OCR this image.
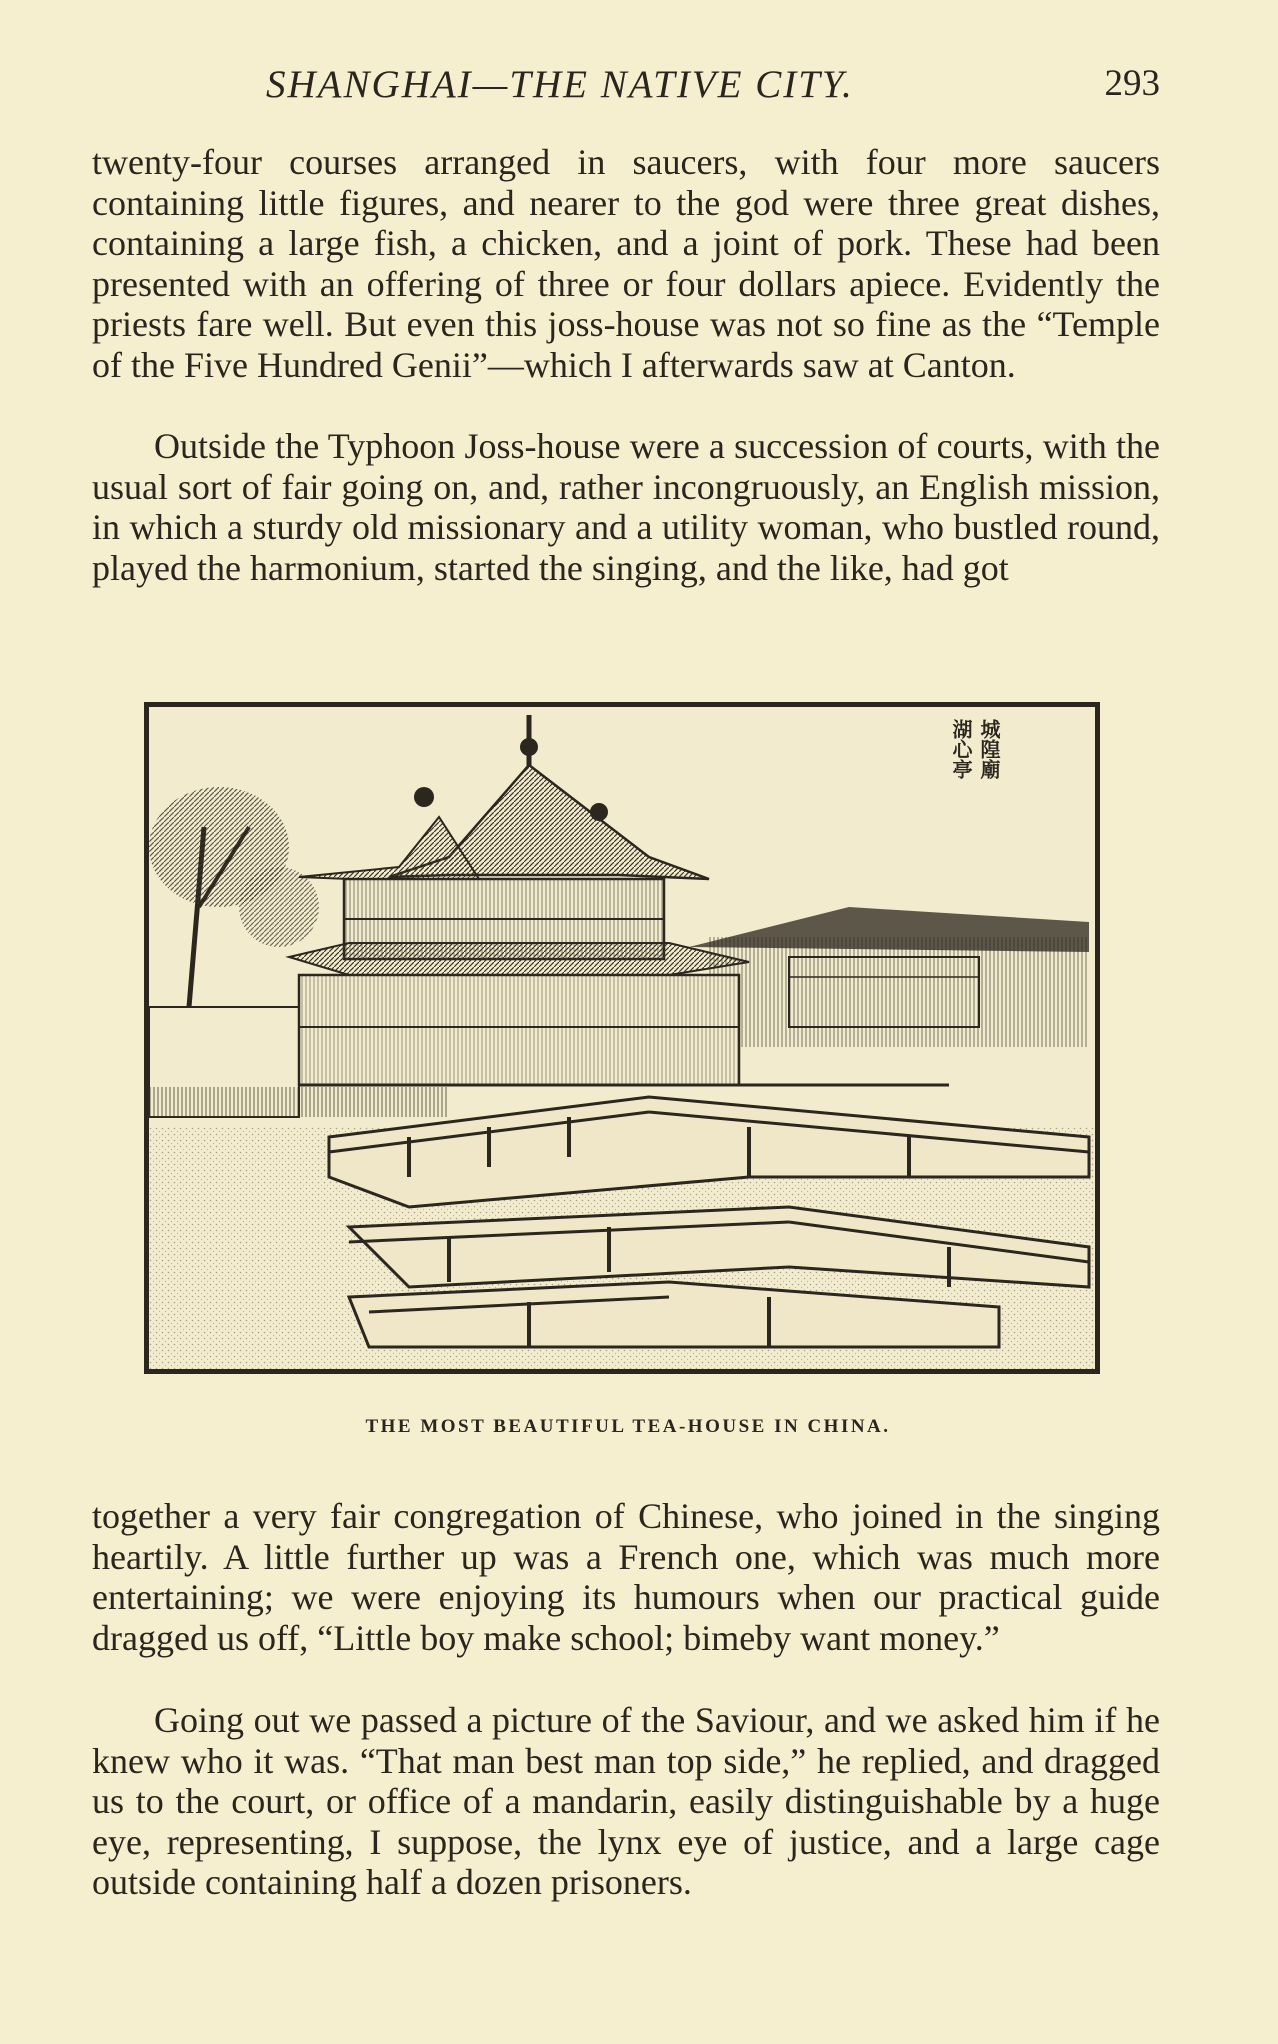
SHANGHAI—THE NATIVE CITY.	293

twenty-four courses arranged in saucers, with four more saucers containing little figures, and nearer to the god were three great dishes, containing a large fish, a chicken, and a joint of pork. These had been presented with an offering of three or four dollars apiece. Evidently the priests fare well. But even this joss-house was not so fine as the “Temple of the Five Hundred Genii”—which I afterwards saw at Canton.

Outside the Typhoon Joss-house were a succession of courts, with the usual sort of fair going on, and, rather incongruously, an English mission, in which a sturdy old missionary and a utility woman, who bustled round, played the harmonium, started the singing, and the like, had got

城隍廟
湖心亭
THE MOST BEAUTIFUL TEA-HOUSE IN CHINA.

together a very fair congregation of Chinese, who joined in the singing heartily. A little further up was a French one, which was much more entertaining; we were enjoying its humours when our practical guide dragged us off, “Little boy make school; bimeby want money.”

Going out we passed a picture of the Saviour, and we asked him if he knew who it was. “That man best man top side,” he replied, and dragged us to the court, or office of a mandarin, easily distinguishable by a huge eye, representing, I suppose, the lynx eye of justice, and a large cage outside containing half a dozen prisoners.
